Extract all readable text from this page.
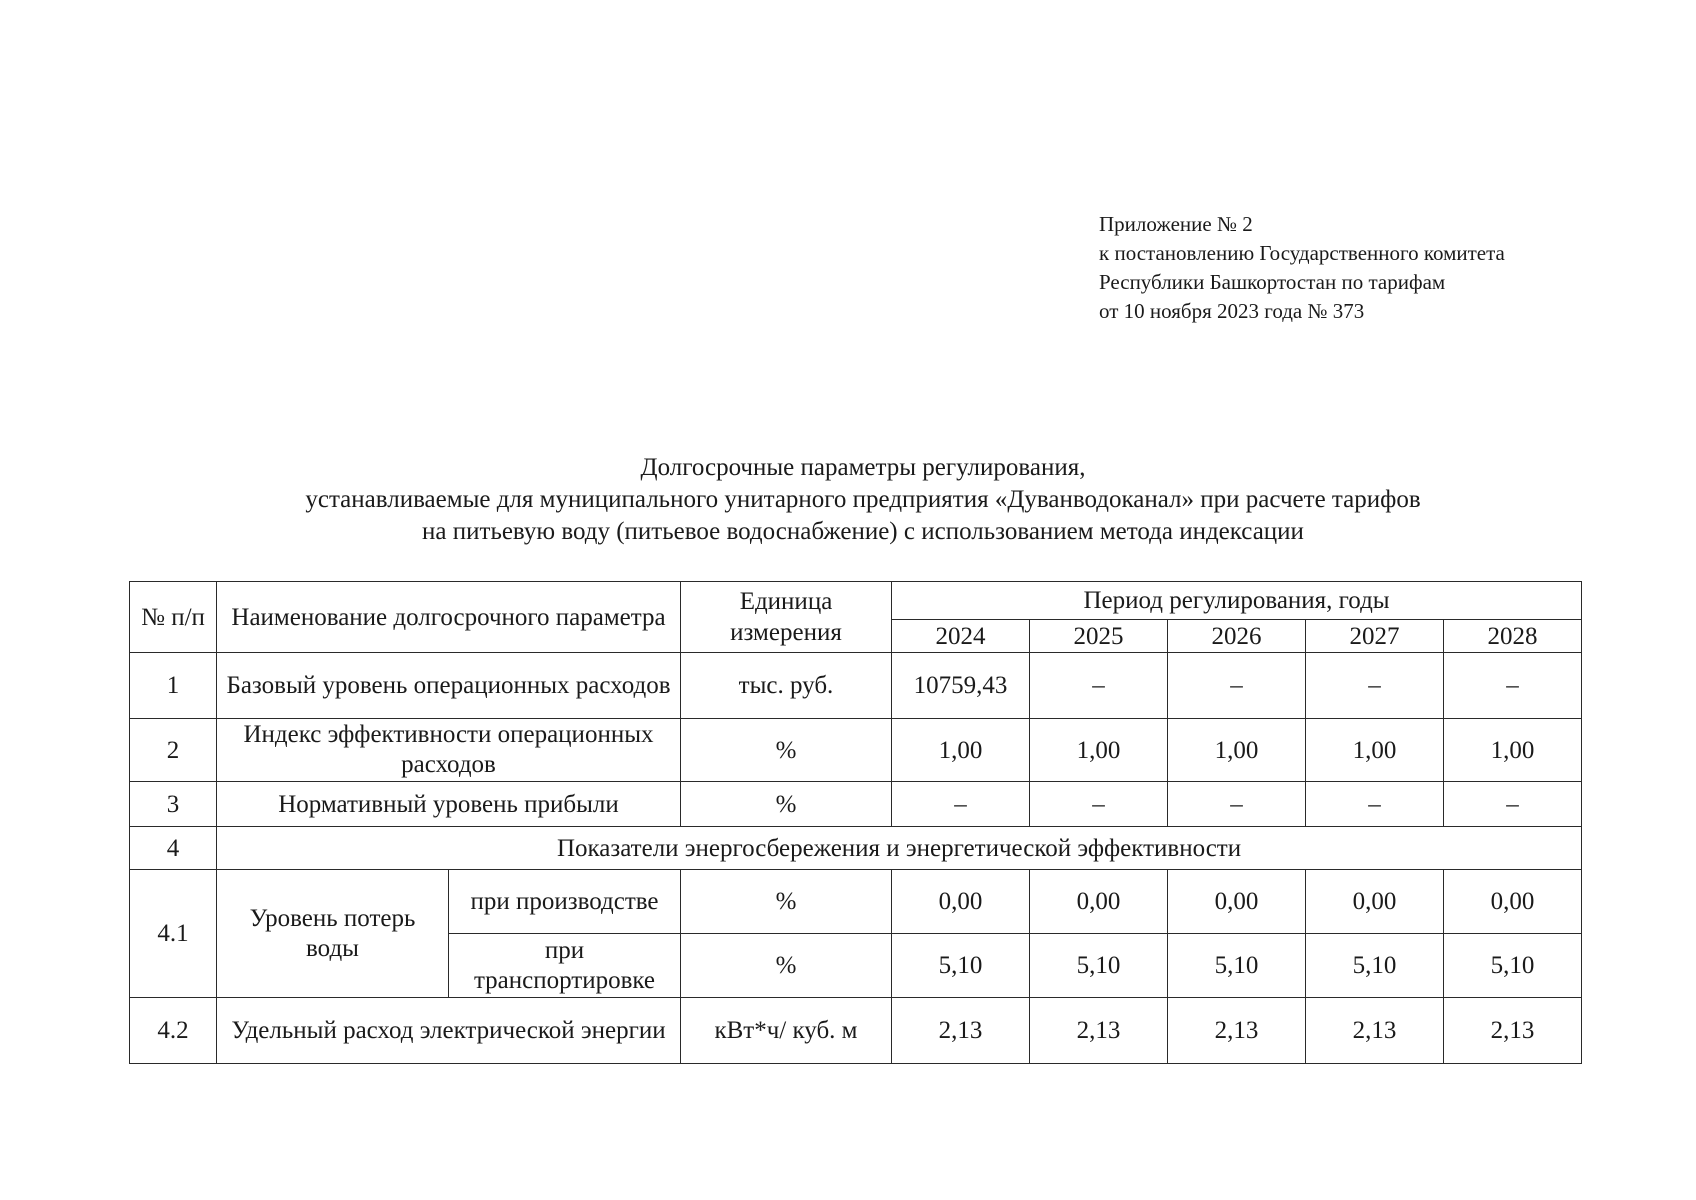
Приложение № 2
к постановлению Государственного комитета
Республики Башкортостан по тарифам
от 10 ноября 2023 года № 373
Долгосрочные параметры регулирования,
устанавливаемые для муниципального унитарного предприятия «Дуванводоканал» при расчете тарифов
на питьевую воду (питьевое водоснабжение) с использованием метода индексации
№ п/п	Наименование долгосрочного параметра		Единица измерения	Период регулирования, годы				
				2024	2025	2026	2027	2028
1	Базовый уровень операционных расходов		тыс. руб.	10759,43	–	–	–	–
2	Индекс эффективности операционных расходов		%	1,00	1,00	1,00	1,00	1,00
3	Нормативный уровень прибыли		%	–	–	–	–	–
4	Показатели энергосбережения и энергетической эффективности							
4.1	Уровень потерь воды	при производстве	%	0,00	0,00	0,00	0,00	0,00
		при транспортировке	%	5,10	5,10	5,10	5,10	5,10
4.2	Удельный расход электрической энергии		кВт*ч/ куб. м	2,13	2,13	2,13	2,13	2,13
